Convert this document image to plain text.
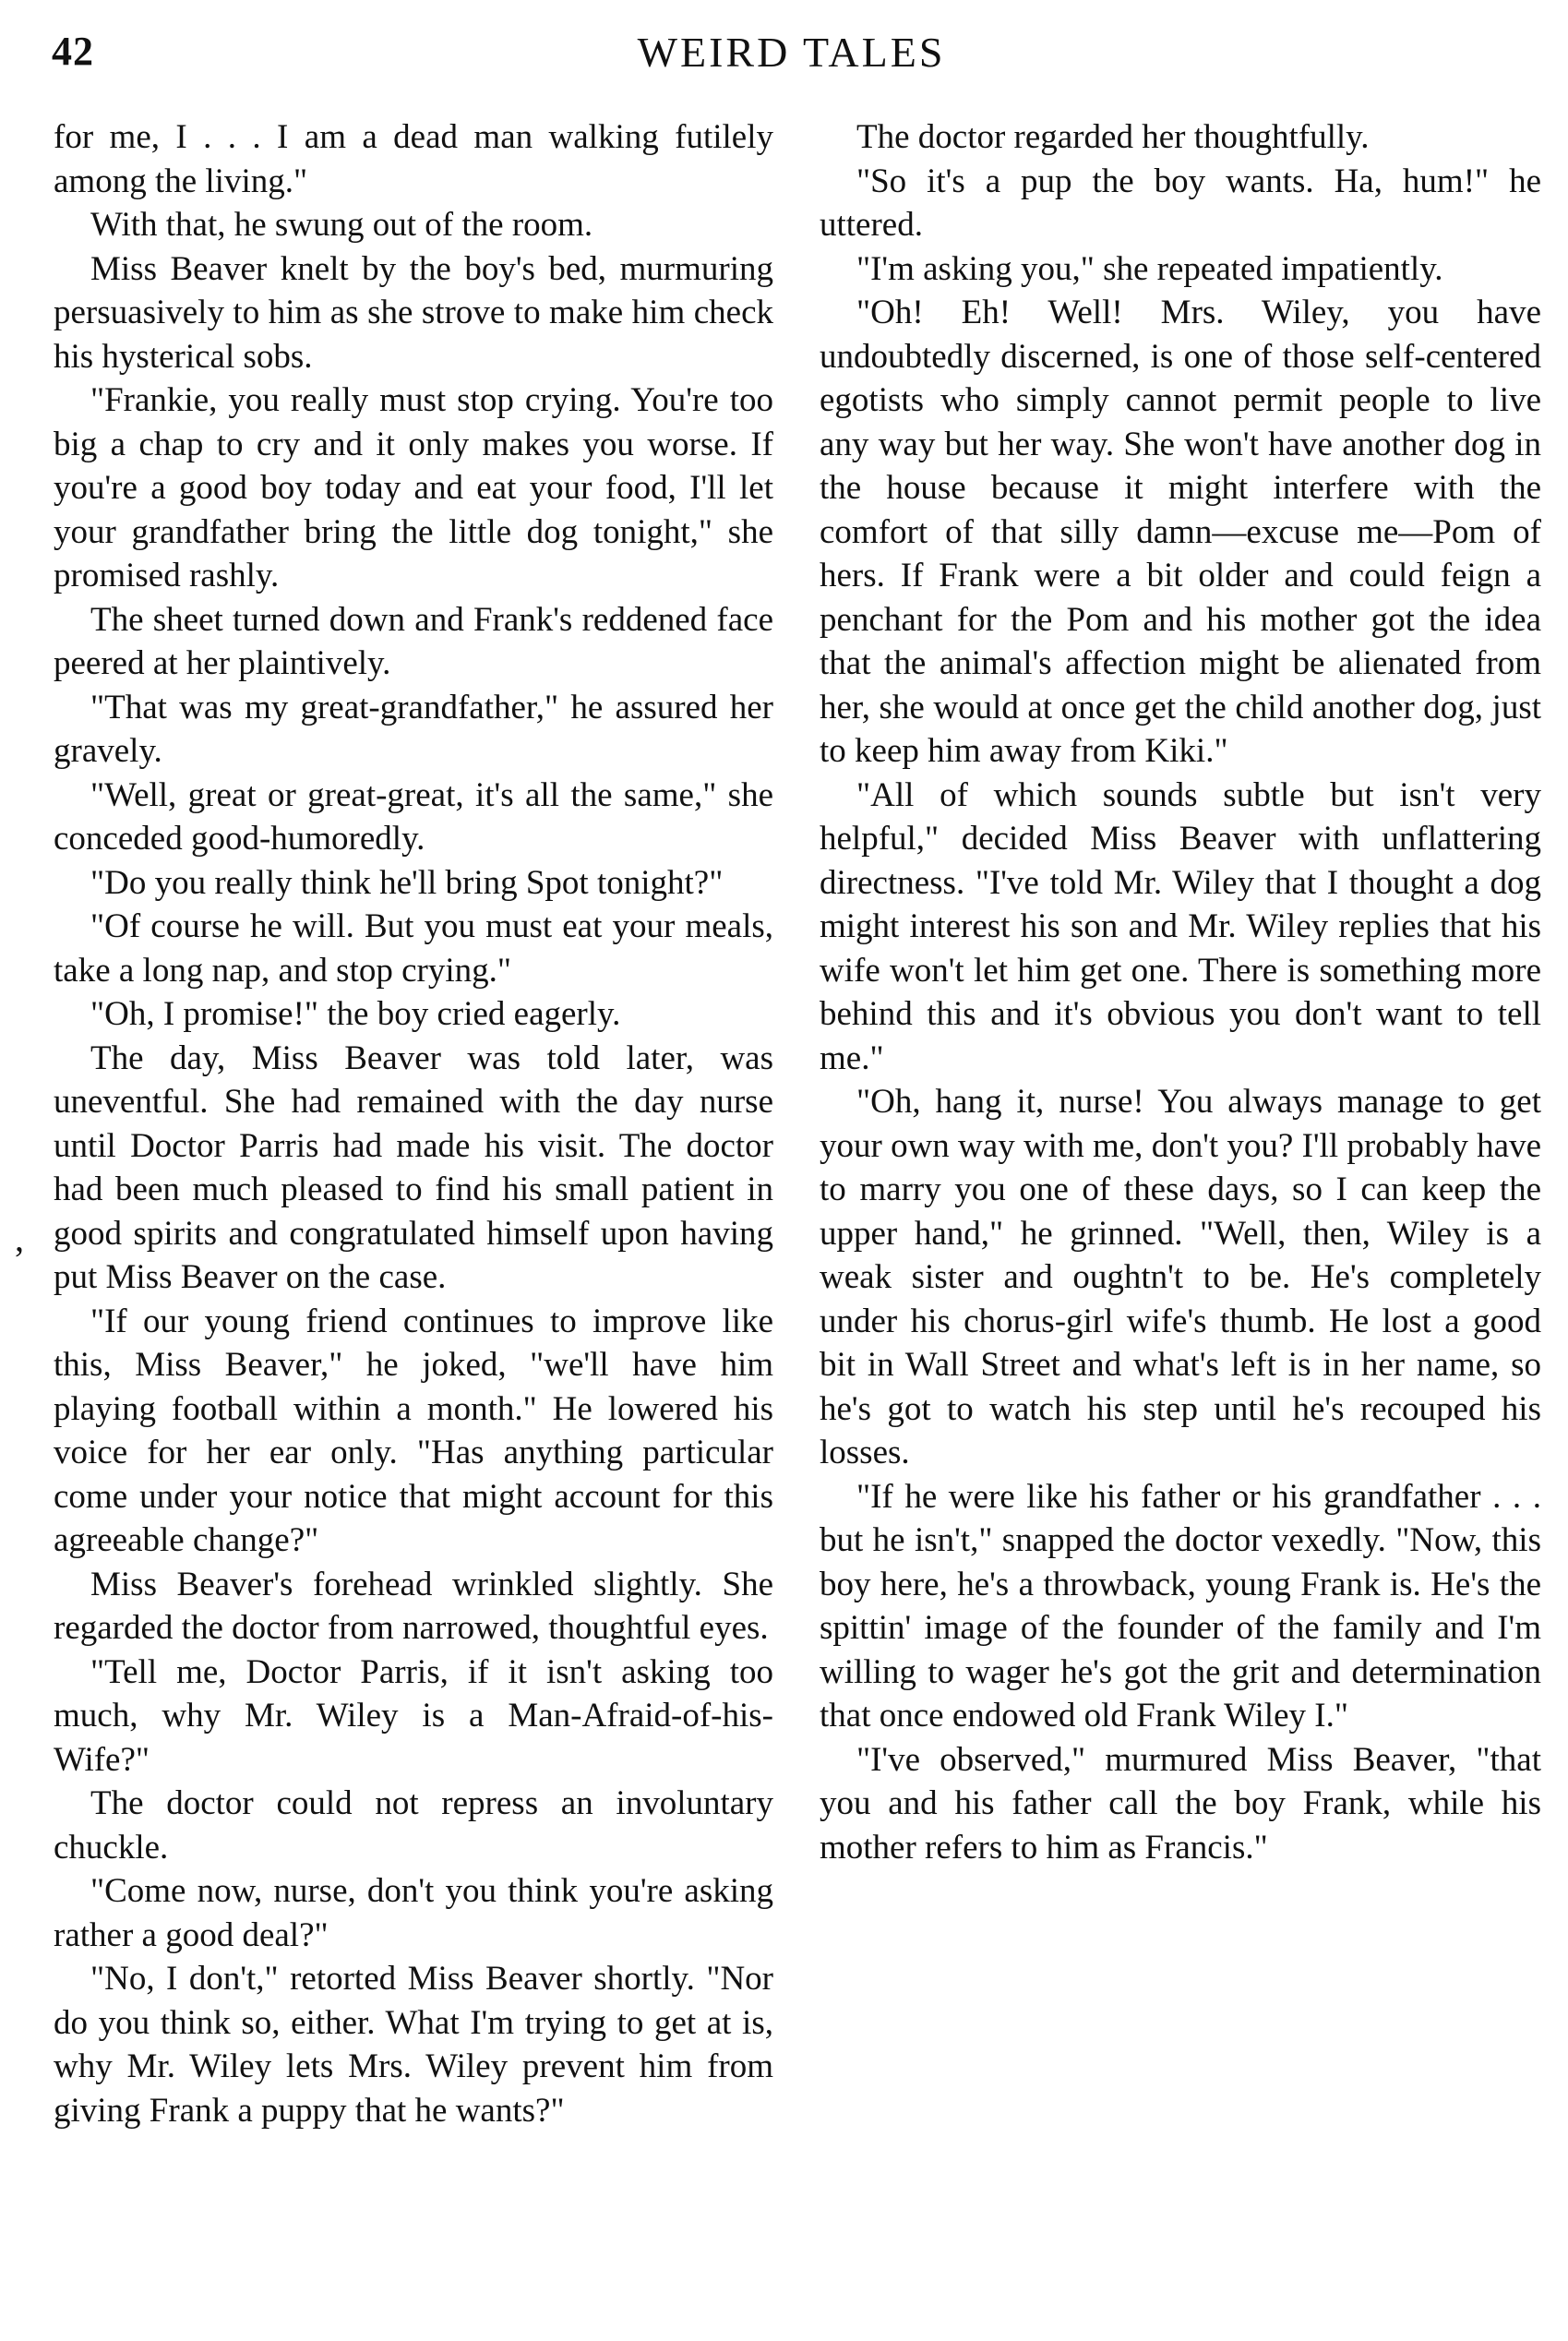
42	WEIRD TALES
,

for me, I . . . I am a dead man walking futilely among the living."

With that, he swung out of the room.

Miss Beaver knelt by the boy's bed, murmuring persuasively to him as she strove to make him check his hysterical sobs.

"Frankie, you really must stop crying. You're too big a chap to cry and it only makes you worse. If you're a good boy today and eat your food, I'll let your grandfather bring the little dog tonight," she promised rashly.

The sheet turned down and Frank's reddened face peered at her plaintively.

"That was my great-grandfather," he assured her gravely.

"Well, great or great-great, it's all the same," she conceded good-humoredly.

"Do you really think he'll bring Spot tonight?"

"Of course he will. But you must eat your meals, take a long nap, and stop crying."

"Oh, I promise!" the boy cried eagerly.

The day, Miss Beaver was told later, was uneventful. She had remained with the day nurse until Doctor Parris had made his visit. The doctor had been much pleased to find his small patient in good spirits and congratulated himself upon having put Miss Beaver on the case.

"If our young friend continues to improve like this, Miss Beaver," he joked, "we'll have him playing football within a month." He lowered his voice for her ear only. "Has anything particular come under your notice that might account for this agreeable change?"

Miss Beaver's forehead wrinkled slightly. She regarded the doctor from narrowed, thoughtful eyes.

"Tell me, Doctor Parris, if it isn't asking too much, why Mr. Wiley is a Man-Afraid-of-his-Wife?"

The doctor could not repress an involuntary chuckle.

"Come now, nurse, don't you think you're asking rather a good deal?"

"No, I don't," retorted Miss Beaver shortly. "Nor do you think so, either. What I'm trying to get at is, why Mr. Wiley lets Mrs. Wiley prevent him from giving Frank a puppy that he wants?"

The doctor regarded her thoughtfully.

"So it's a pup the boy wants. Ha, hum!" he uttered.

"I'm asking you," she repeated impatiently.

"Oh! Eh! Well! Mrs. Wiley, you have undoubtedly discerned, is one of those self-centered egotists who simply cannot permit people to live any way but her way. She won't have another dog in the house because it might interfere with the comfort of that silly damn—excuse me—Pom of hers. If Frank were a bit older and could feign a penchant for the Pom and his mother got the idea that the animal's affection might be alienated from her, she would at once get the child another dog, just to keep him away from Kiki."

"All of which sounds subtle but isn't very helpful," decided Miss Beaver with unflattering directness. "I've told Mr. Wiley that I thought a dog might interest his son and Mr. Wiley replies that his wife won't let him get one. There is something more behind this and it's obvious you don't want to tell me."

"Oh, hang it, nurse! You always manage to get your own way with me, don't you? I'll probably have to marry you one of these days, so I can keep the upper hand," he grinned. "Well, then, Wiley is a weak sister and oughtn't to be. He's completely under his chorus-girl wife's thumb. He lost a good bit in Wall Street and what's left is in her name, so he's got to watch his step until he's recouped his losses.

"If he were like his father or his grandfather . . . but he isn't," snapped the doctor vexedly. "Now, this boy here, he's a throwback, young Frank is. He's the spittin' image of the founder of the family and I'm willing to wager he's got the grit and determination that once endowed old Frank Wiley I."

"I've observed," murmured Miss Beaver, "that you and his father call the boy Frank, while his mother refers to him as Francis."
